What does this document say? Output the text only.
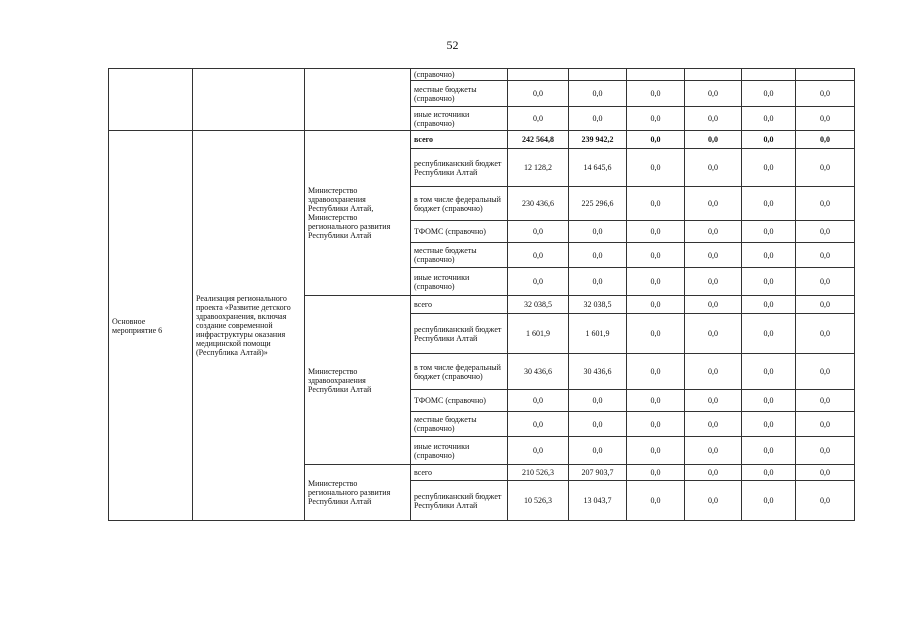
52
			(справочно)						
			местные бюджеты (справочно)	0,0	0,0	0,0	0,0	0,0	0,0
			иные источники (справочно)	0,0	0,0	0,0	0,0	0,0	0,0
Основное мероприятие 6	Реализация регионального проекта «Развитие детского здравоохранения, включая создание современной инфраструктуры оказания медицинской помощи (Республика Алтай)»	Министерство здравоохранения Республики Алтай, Министерство регионального развития Республики Алтай	всего	242 564,8	239 942,2	0,0	0,0	0,0	0,0
			республиканский бюджет Республики Алтай	12 128,2	14 645,6	0,0	0,0	0,0	0,0
			в том числе федеральный бюджет (справочно)	230 436,6	225 296,6	0,0	0,0	0,0	0,0
			ТФОМС (справочно)	0,0	0,0	0,0	0,0	0,0	0,0
			местные бюджеты (справочно)	0,0	0,0	0,0	0,0	0,0	0,0
			иные источники (справочно)	0,0	0,0	0,0	0,0	0,0	0,0
		Министерство здравоохранения Республики Алтай	всего	32 038,5	32 038,5	0,0	0,0	0,0	0,0
			республиканский бюджет Республики Алтай	1 601,9	1 601,9	0,0	0,0	0,0	0,0
			в том числе федеральный бюджет (справочно)	30 436,6	30 436,6	0,0	0,0	0,0	0,0
			ТФОМС (справочно)	0,0	0,0	0,0	0,0	0,0	0,0
			местные бюджеты (справочно)	0,0	0,0	0,0	0,0	0,0	0,0
			иные источники (справочно)	0,0	0,0	0,0	0,0	0,0	0,0
		Министерство регионального развития Республики Алтай	всего	210 526,3	207 903,7	0,0	0,0	0,0	0,0
			республиканский бюджет Республики Алтай	10 526,3	13 043,7	0,0	0,0	0,0	0,0
